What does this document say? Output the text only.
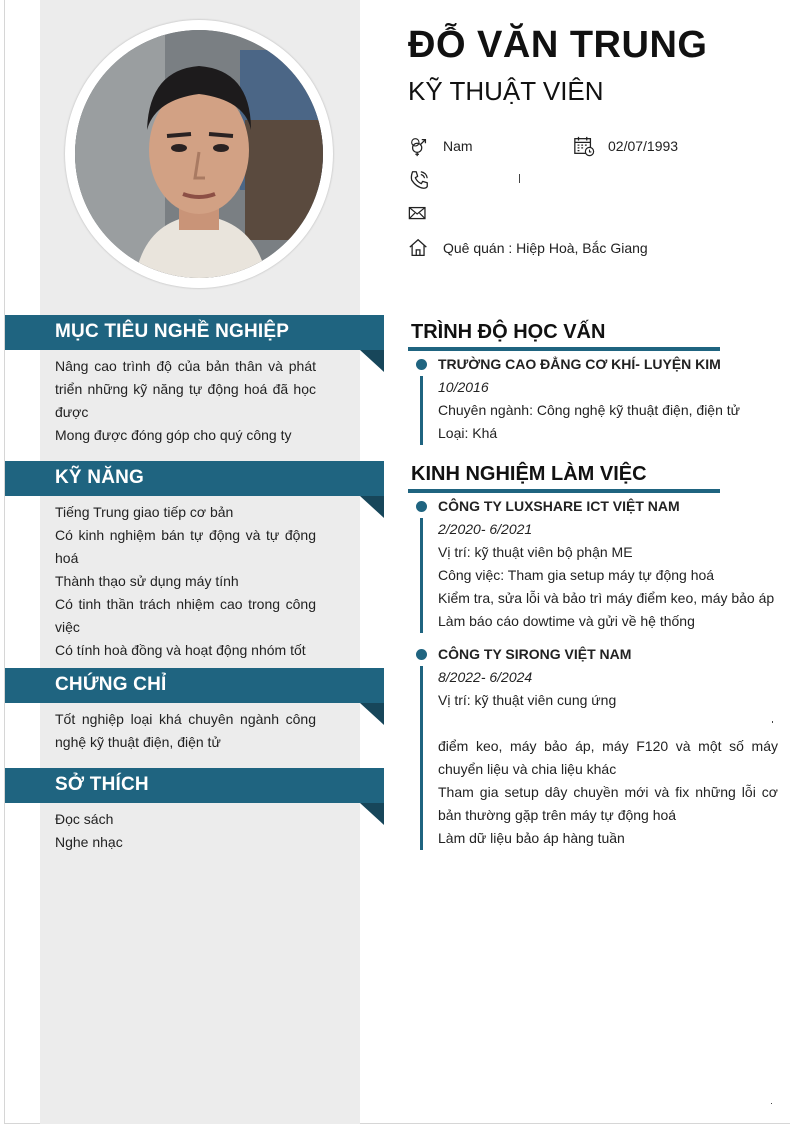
ĐỖ VĂN TRUNG
KỸ THUẬT VIÊN
Nam	02/07/1993
Quê quán : Hiệp Hoà, Bắc Giang
MỤC TIÊU NGHỀ NGHIỆP

Nâng cao trình độ của bản thân và phát triển những kỹ năng tự động hoá đã học được

Mong được đóng góp cho quý công ty

KỸ NĂNG

Tiếng Trung giao tiếp cơ bản

Có kinh nghiệm bán tự động và tự động hoá

Thành thạo sử dụng máy tính

Có tinh thần trách nhiệm cao trong công việc

Có tính hoà đồng và hoạt động nhóm tốt

CHỨNG CHỈ

Tốt nghiệp loại khá chuyên ngành công nghệ kỹ thuật điện, điện tử

SỞ THÍCH

Đọc sách

Nghe nhạc

TRÌNH ĐỘ HỌC VẤN
TRƯỜNG CAO ĐẲNG CƠ KHÍ- LUYỆN KIM
10/2016

Chuyên ngành: Công nghệ kỹ thuật điện, điện tử

Loại: Khá

KINH NGHIỆM LÀM VIỆC
CÔNG TY LUXSHARE ICT VIỆT NAM
2/2020- 6/2021

Vị trí: kỹ thuật viên bộ phận ME

Công việc: Tham gia setup máy tự động hoá

Kiểm tra, sửa lỗi và bảo trì máy điểm keo, máy bảo áp

Làm báo cáo dowtime và gửi về hệ thống

CÔNG TY SIRONG VIỆT NAM
8/2022- 6/2024

Vị trí: kỹ thuật viên cung ứng

điểm keo, máy bảo áp, máy F120 và một số máy chuyển liệu và chia liệu khác

Tham gia setup dây chuyền mới và fix những lỗi cơ bản thường gặp trên máy tự động hoá

Làm dữ liệu bảo áp hàng tuần
